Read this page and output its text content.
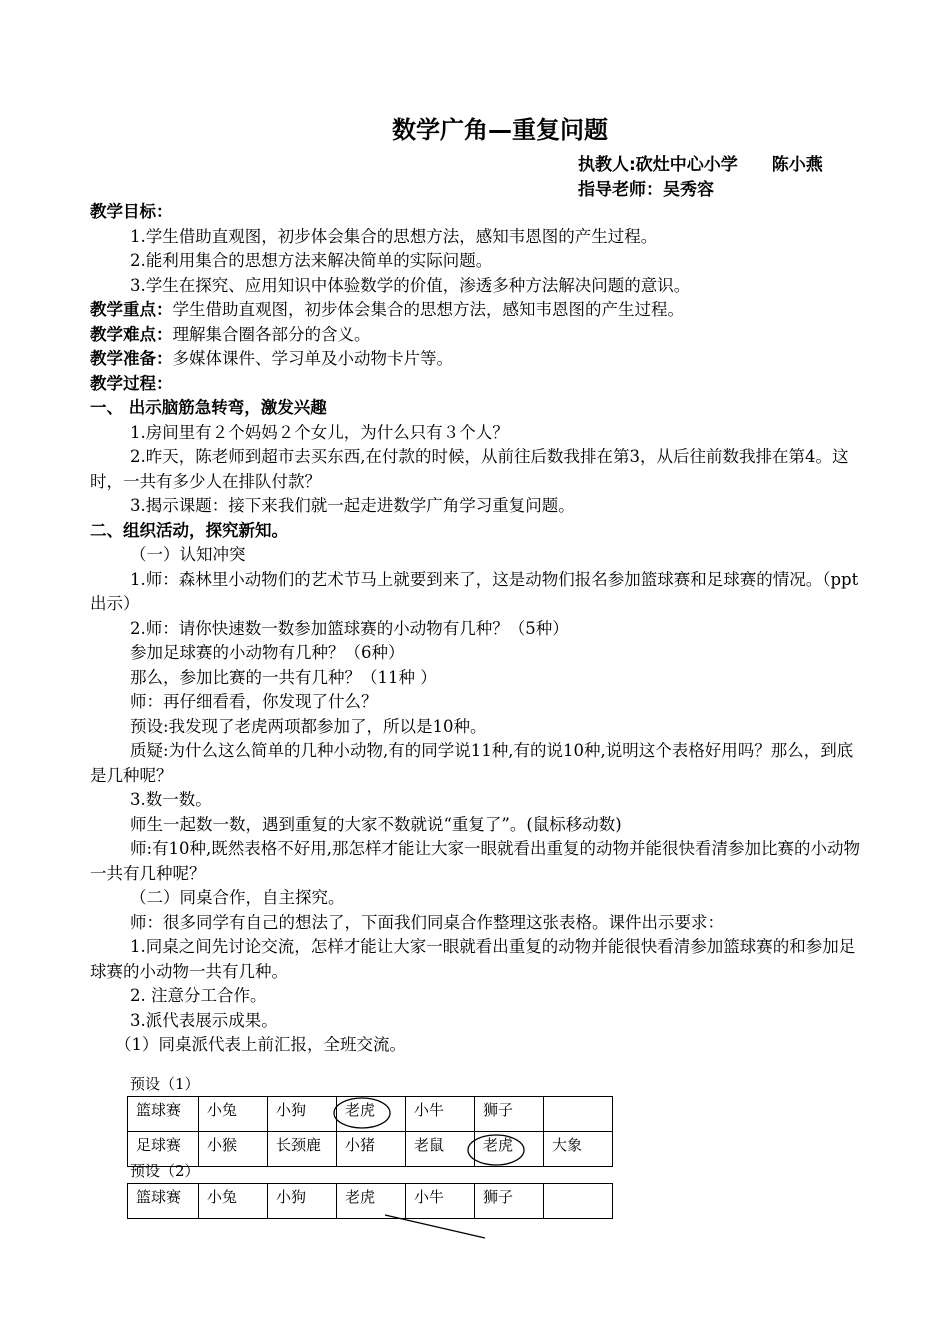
数学广角—重复问题
执教人:砍灶中心小学　　陈小燕
指导老师：吴秀容

教学目标：

1.学生借助直观图，初步体会集合的思想方法，感知韦恩图的产生过程。

2.能利用集合的思想方法来解决简单的实际问题。

3.学生在探究、应用知识中体验数学的价值，渗透多种方法解决问题的意识。

教学重点：学生借助直观图，初步体会集合的思想方法，感知韦恩图的产生过程。

教学难点：理解集合圈各部分的含义。

教学准备：多媒体课件、学习单及小动物卡片等。

教学过程：

一、 出示脑筋急转弯，激发兴趣

1.房间里有２个妈妈２个女儿，为什么只有３个人？

2.昨天，陈老师到超市去买东西,在付款的时候，从前往后数我排在第3，从后往前数我排在第4。这时，一共有多少人在排队付款？

3.揭示课题：接下来我们就一起走进数学广角学习重复问题。

二、组织活动，探究新知。

（一）认知冲突

1.师：森林里小动物们的艺术节马上就要到来了，这是动物们报名参加篮球赛和足球赛的情况。（ppt出示）

2.师：请你快速数一数参加篮球赛的小动物有几种？（5种）

参加足球赛的小动物有几种？（6种）

那么，参加比赛的一共有几种？（11种 ）

师：再仔细看看，你发现了什么？

预设:我发现了老虎两项都参加了，所以是10种。

质疑:为什么这么简单的几种小动物,有的同学说11种,有的说10种,说明这个表格好用吗？那么，到底是几种呢？

3.数一数。

师生一起数一数，遇到重复的大家不数就说“重复了”。(鼠标移动数)

师:有10种,既然表格不好用,那怎样才能让大家一眼就看出重复的动物并能很快看清参加比赛的小动物一共有几种呢？

（二）同桌合作，自主探究。

师：很多同学有自己的想法了，下面我们同桌合作整理这张表格。课件出示要求：

1.同桌之间先讨论交流，怎样才能让大家一眼就看出重复的动物并能很快看清参加篮球赛的和参加足球赛的小动物一共有几种。

2. 注意分工合作。

3.派代表展示成果。

（1）同桌派代表上前汇报，全班交流。

预设（1）
篮球赛	小兔	小狗	老虎	小牛	狮子	
足球赛	小猴	长颈鹿	小猪	老鼠	老虎	大象
预设（2）
篮球赛	小兔	小狗	老虎	小牛	狮子	
